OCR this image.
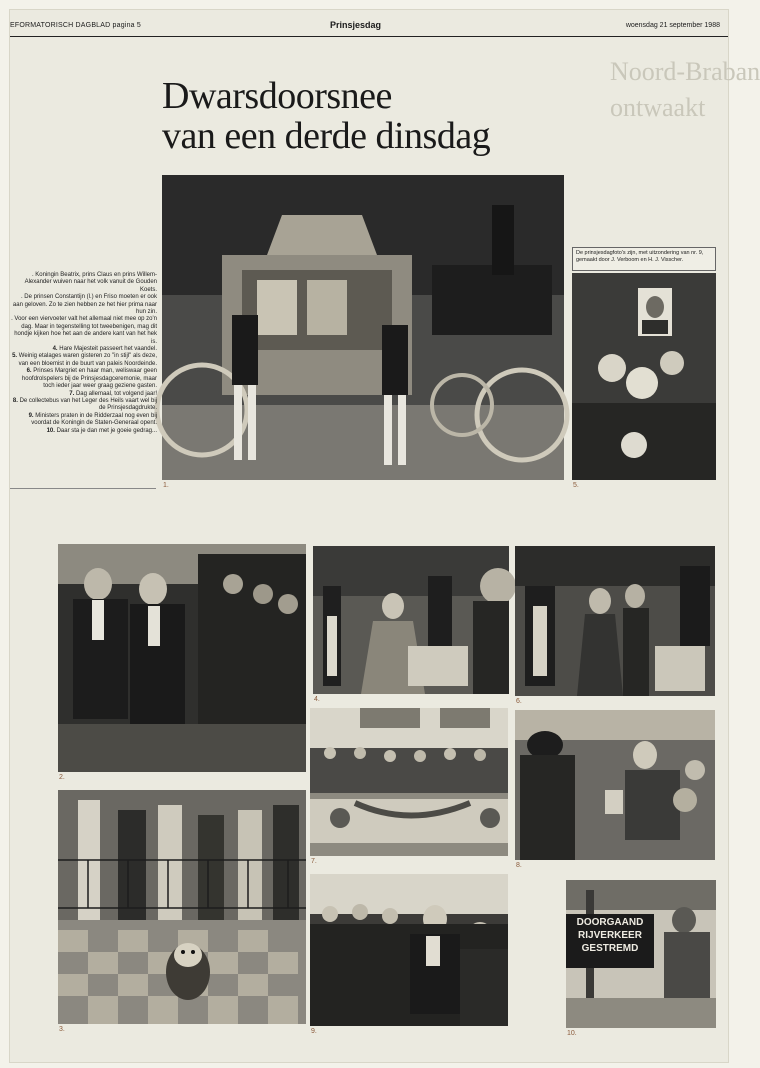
EFORMATORISCH DAGBLAD pagina 5	Prinsjesdag	woensdag 21 september 1988

Noord-Braban
ontwaakt
Dwarsdoorsnee
van een derde dinsdag
1.
De prinsjesdagfoto's zijn, met uitzondering van nr. 9, gemaakt door J. Verboom en H. J. Visscher.
5.

. Koningin Beatrix, prins Claus en prins Willem-Alexander wuiven naar het volk vanuit de Gouden Koets.

. De prinsen Constantijn (l.) en Friso moeten er ook aan geloven. Zo te zien hebben ze het hier prima naar hun zin.

. Voor een viervoeter valt het allemaal niet mee op zo'n dag. Maar in tegenstelling tot tweebenigen, mag dit hondje kijken hoe het aan de andere kant van het hek is.

4. Hare Majesteit passeert het vaandel.

5. Weinig etalages waren gisteren zo "in stijl" als deze, van een bloemist in de buurt van paleis Noordeinde.

6. Prinses Margriet en haar man, weliswaar geen hoofdrolspelers bij de Prinsjesdagceremonie, maar toch ieder jaar weer graag geziene gasten.

7. Dag allemaal, tot volgend jaar!

8. De collectebus van het Leger des Heils vaart wel bij de Prinsjesdagdrukte.

9. Ministers praten in de Ridderzaal nog even bij voordat de Koningin de Staten-Generaal opent.

10. Daar sta je dan met je goeie gedrag...

2.
4.	6.
7.
8.
3.	9.
DOORGAAND
RIJVERKEER
GESTREMD
10.
